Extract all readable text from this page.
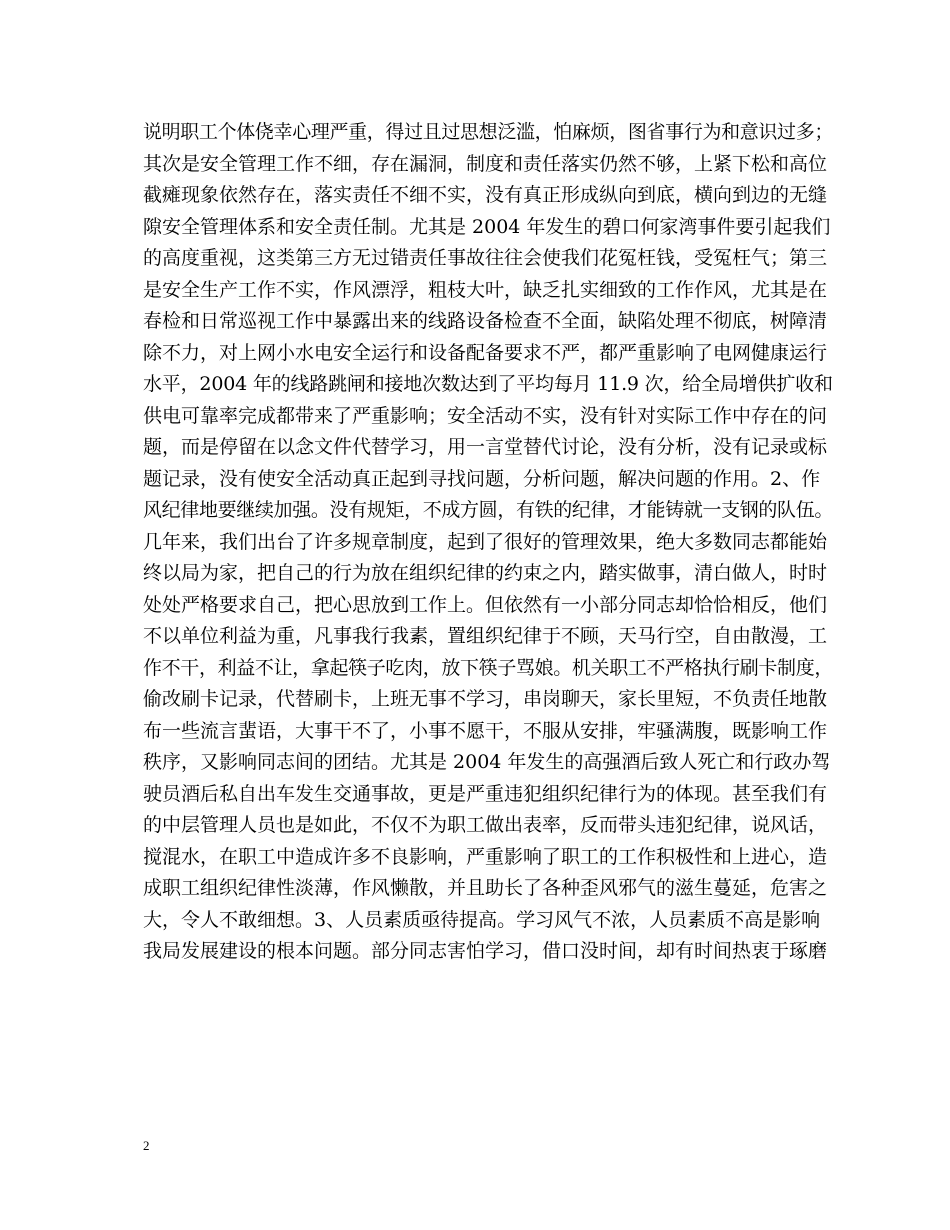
说明职工个体侥幸心理严重，得过且过思想泛滥，怕麻烦，图省事行为和意识过多；
其次是安全管理工作不细，存在漏洞，制度和责任落实仍然不够，上紧下松和高位
截瘫现象依然存在，落实责任不细不实，没有真正形成纵向到底，横向到边的无缝
隙安全管理体系和安全责任制。尤其是 2004 年发生的碧口何家湾事件要引起我们
的高度重视，这类第三方无过错责任事故往往会使我们花冤枉钱，受冤枉气；第三
是安全生产工作不实，作风漂浮，粗枝大叶，缺乏扎实细致的工作作风，尤其是在
春检和日常巡视工作中暴露出来的线路设备检查不全面，缺陷处理不彻底，树障清
除不力，对上网小水电安全运行和设备配备要求不严，都严重影响了电网健康运行
水平，2004 年的线路跳闸和接地次数达到了平均每月 11.9 次，给全局增供扩收和
供电可靠率完成都带来了严重影响；安全活动不实，没有针对实际工作中存在的问
题，而是停留在以念文件代替学习，用一言堂替代讨论，没有分析，没有记录或标
题记录，没有使安全活动真正起到寻找问题，分析问题，解决问题的作用。2、作
风纪律地要继续加强。没有规矩，不成方圆，有铁的纪律，才能铸就一支钢的队伍。
几年来，我们出台了许多规章制度，起到了很好的管理效果，绝大多数同志都能始
终以局为家，把自己的行为放在组织纪律的约束之内，踏实做事，清白做人，时时
处处严格要求自己，把心思放到工作上。但依然有一小部分同志却恰恰相反，他们
不以单位利益为重，凡事我行我素，置组织纪律于不顾，天马行空，自由散漫，工
作不干，利益不让，拿起筷子吃肉，放下筷子骂娘。机关职工不严格执行刷卡制度，
偷改刷卡记录，代替刷卡，上班无事不学习，串岗聊天，家长里短，不负责任地散
布一些流言蜚语，大事干不了，小事不愿干，不服从安排，牢骚满腹，既影响工作
秩序，又影响同志间的团结。尤其是 2004 年发生的高强酒后致人死亡和行政办驾
驶员酒后私自出车发生交通事故，更是严重违犯组织纪律行为的体现。甚至我们有
的中层管理人员也是如此，不仅不为职工做出表率，反而带头违犯纪律，说风话，
搅混水，在职工中造成许多不良影响，严重影响了职工的工作积极性和上进心，造
成职工组织纪律性淡薄，作风懒散，并且助长了各种歪风邪气的滋生蔓延，危害之
大，令人不敢细想。3、人员素质亟待提高。学习风气不浓，人员素质不高是影响
我局发展建设的根本问题。部分同志害怕学习，借口没时间，却有时间热衷于琢磨
2
